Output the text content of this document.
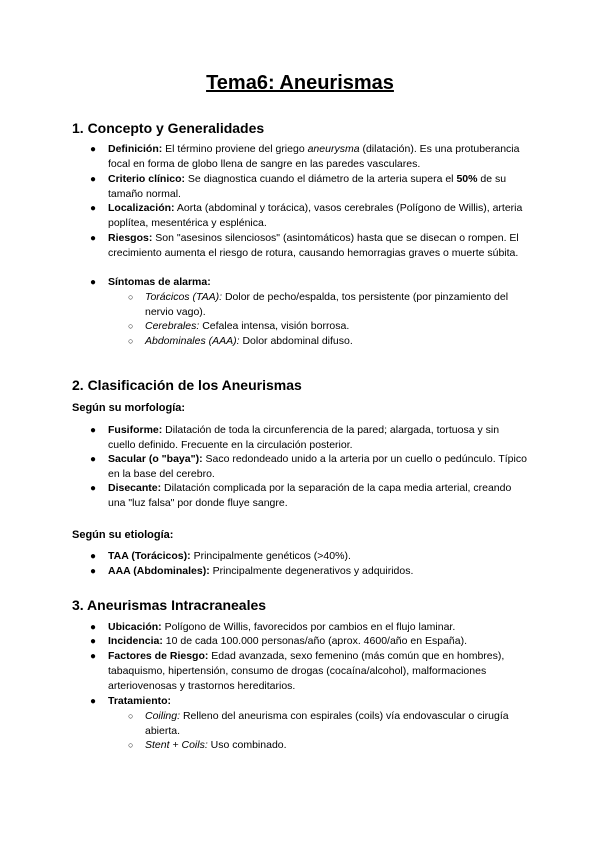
Tema6: Aneurismas
1. Concepto y Generalidades
● Definición: El término proviene del griego aneurysma (dilatación). Es una protuberancia focal en forma de globo llena de sangre en las paredes vasculares.
● Criterio clínico: Se diagnostica cuando el diámetro de la arteria supera el 50% de su tamaño normal.
● Localización: Aorta (abdominal y torácica), vasos cerebrales (Polígono de Willis), arteria poplítea, mesentérica y esplénica.
● Riesgos: Son "asesinos silenciosos" (asintomáticos) hasta que se disecan o rompen. El crecimiento aumenta el riesgo de rotura, causando hemorragias graves o muerte súbita.
● Síntomas de alarma:
○ Torácicos (TAA): Dolor de pecho/espalda, tos persistente (por pinzamiento del nervio vago).
○ Cerebrales: Cefalea intensa, visión borrosa.
○ Abdominales (AAA): Dolor abdominal difuso.
2. Clasificación de los Aneurismas
Según su morfología:
● Fusiforme: Dilatación de toda la circunferencia de la pared; alargada, tortuosa y sin cuello definido. Frecuente en la circulación posterior.
● Sacular (o "baya"): Saco redondeado unido a la arteria por un cuello o pedúnculo. Típico en la base del cerebro.
● Disecante: Dilatación complicada por la separación de la capa media arterial, creando una "luz falsa" por donde fluye sangre.
Según su etiología:
● TAA (Torácicos): Principalmente genéticos (>40%).
● AAA (Abdominales): Principalmente degenerativos y adquiridos.
3. Aneurismas Intracraneales
● Ubicación: Polígono de Willis, favorecidos por cambios en el flujo laminar.
● Incidencia: 10 de cada 100.000 personas/año (aprox. 4600/año en España).
● Factores de Riesgo: Edad avanzada, sexo femenino (más común que en hombres), tabaquismo, hipertensión, consumo de drogas (cocaína/alcohol), malformaciones arteriovenosas y trastornos hereditarios.
● Tratamiento:
○ Coiling: Relleno del aneurisma con espirales (coils) vía endovascular o cirugía abierta.
○ Stent + Coils: Uso combinado.
